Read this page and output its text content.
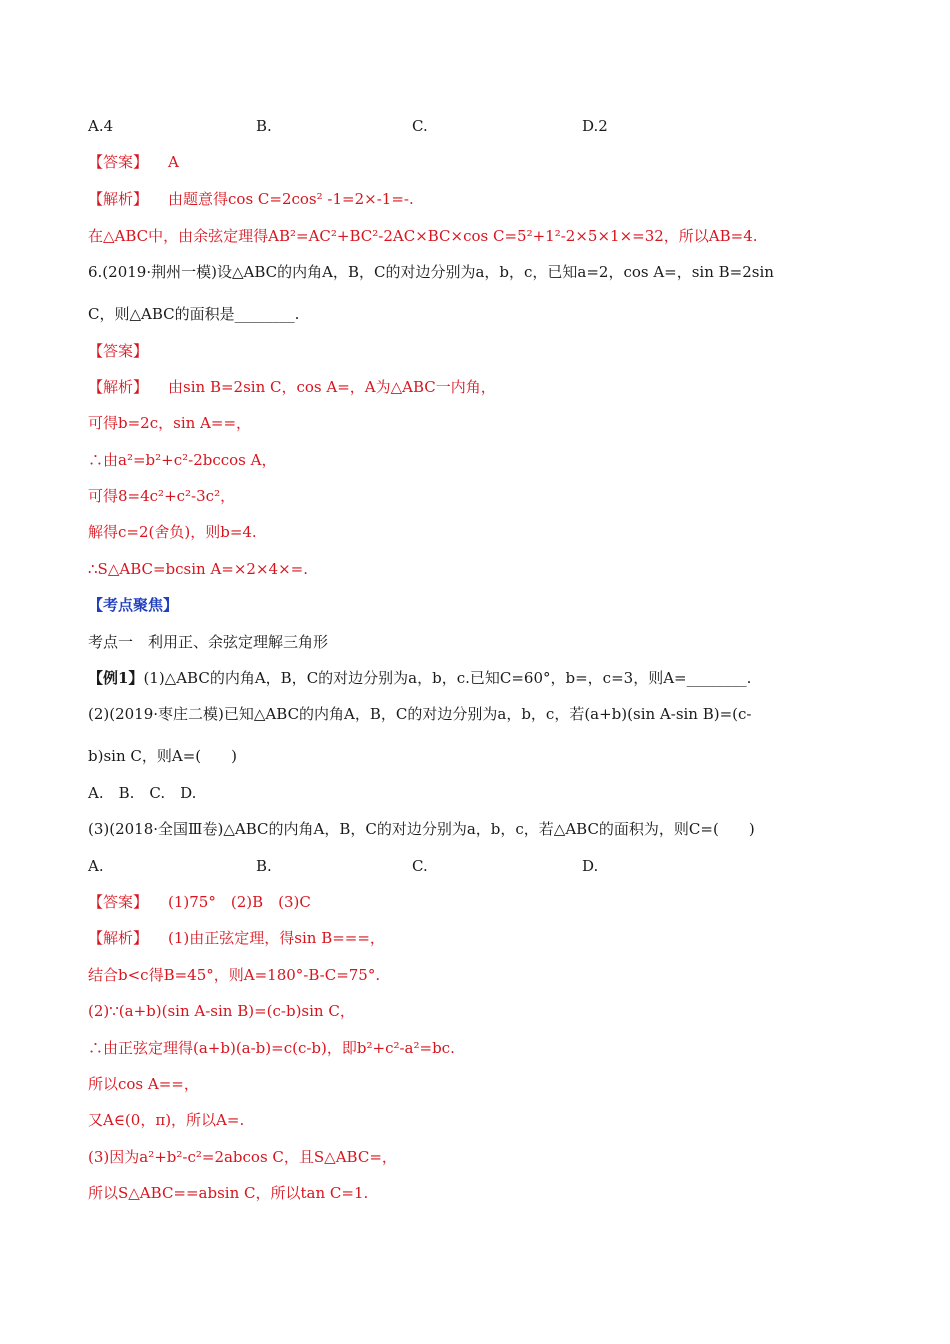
A.4	B.	C.	D.2
【答案】 A
【解析】 由题意得cos C=2cos² -1=2×-1=-.
在△ABC中，由余弦定理得AB²=AC²+BC²-2AC×BC×cos C=5²+1²-2×5×1×=32，所以AB=4.
6.(2019·荆州一模)设△ABC的内角A，B，C的对边分别为a，b，c，已知a=2，cos A=，sin B=2sin
C，则△ABC的面积是________.
【答案】
【解析】 由sin B=2sin C，cos A=，A为△ABC一内角，
可得b=2c，sin A==，
∴由a²=b²+c²-2bccos A，
可得8=4c²+c²-3c²，
解得c=2(舍负)，则b=4.
∴S△ABC=bcsin A=×2×4×=.
【考点聚焦】
考点一　利用正、余弦定理解三角形
【例1】(1)△ABC的内角A，B，C的对边分别为a，b，c.已知C=60°，b=，c=3，则A=________.
(2)(2019·枣庄二模)已知△ABC的内角A，B，C的对边分别为a，b，c，若(a+b)(sin A-sin B)=(c-
b)sin C，则A=(　　)
A.　B.　C.　D.
(3)(2018·全国Ⅲ卷)△ABC的内角A，B，C的对边分别为a，b，c，若△ABC的面积为，则C=(　　)
A.	B.	C.	D.
【答案】 (1)75°　(2)B　(3)C
【解析】 (1)由正弦定理，得sin B===，
结合b<c得B=45°，则A=180°-B-C=75°.
(2)∵(a+b)(sin A-sin B)=(c-b)sin C，
∴由正弦定理得(a+b)(a-b)=c(c-b)，即b²+c²-a²=bc.
所以cos A==，
又A∈(0，π)，所以A=.
(3)因为a²+b²-c²=2abcos C，且S△ABC=，
所以S△ABC==absin C，所以tan C=1.
